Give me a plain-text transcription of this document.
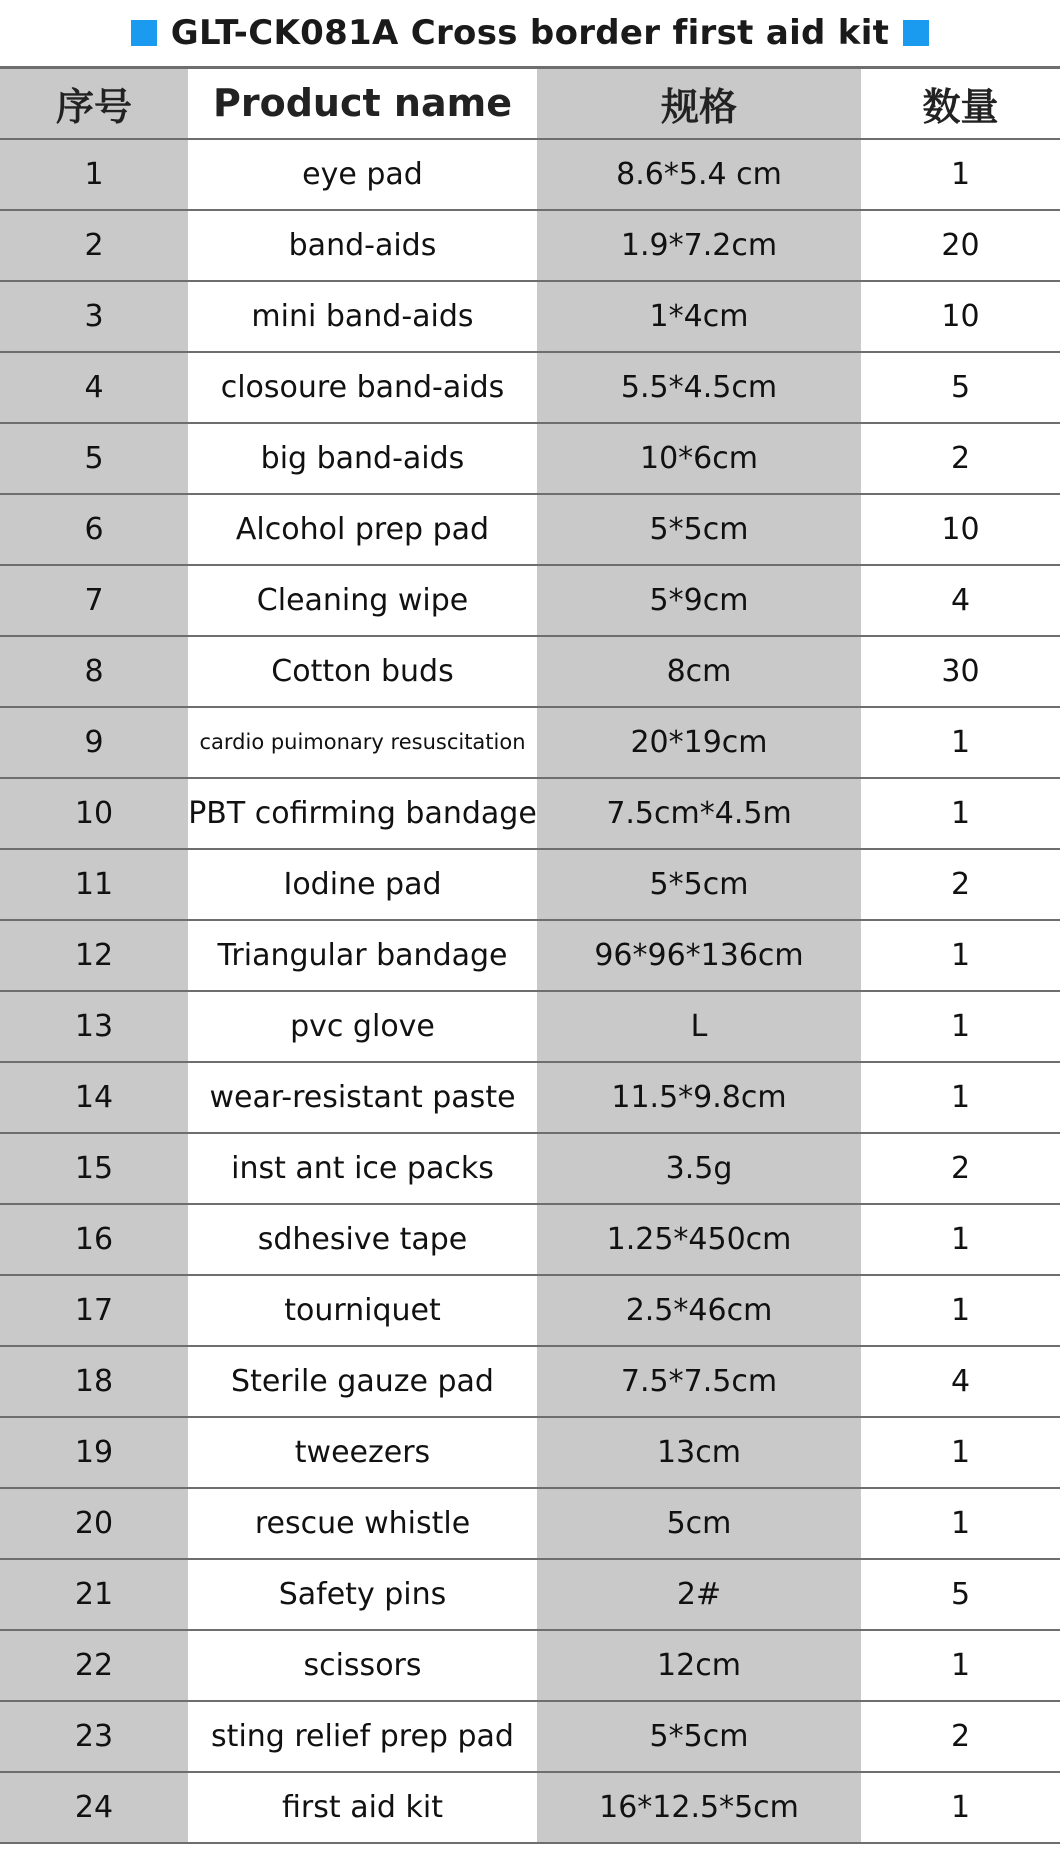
GLT-CK081A Cross border first aid kit
序号	Product name	规格	数量
1	eye pad	8.6*5.4 cm	1
2	band-aids	1.9*7.2cm	20
3	mini band-aids	1*4cm	10
4	closoure band-aids	5.5*4.5cm	5
5	big band-aids	10*6cm	2
6	Alcohol prep pad	5*5cm	10
7	Cleaning wipe	5*9cm	4
8	Cotton buds	8cm	30
9	cardio puimonary resuscitation	20*19cm	1
10	PBT cofirming bandage	7.5cm*4.5m	1
11	Iodine pad	5*5cm	2
12	Triangular bandage	96*96*136cm	1
13	pvc glove	L	1
14	wear-resistant paste	11.5*9.8cm	1
15	inst ant ice packs	3.5g	2
16	sdhesive tape	1.25*450cm	1
17	tourniquet	2.5*46cm	1
18	Sterile gauze pad	7.5*7.5cm	4
19	tweezers	13cm	1
20	rescue whistle	5cm	1
21	Safety pins	2#	5
22	scissors	12cm	1
23	sting relief prep pad	5*5cm	2
24	first aid kit	16*12.5*5cm	1
